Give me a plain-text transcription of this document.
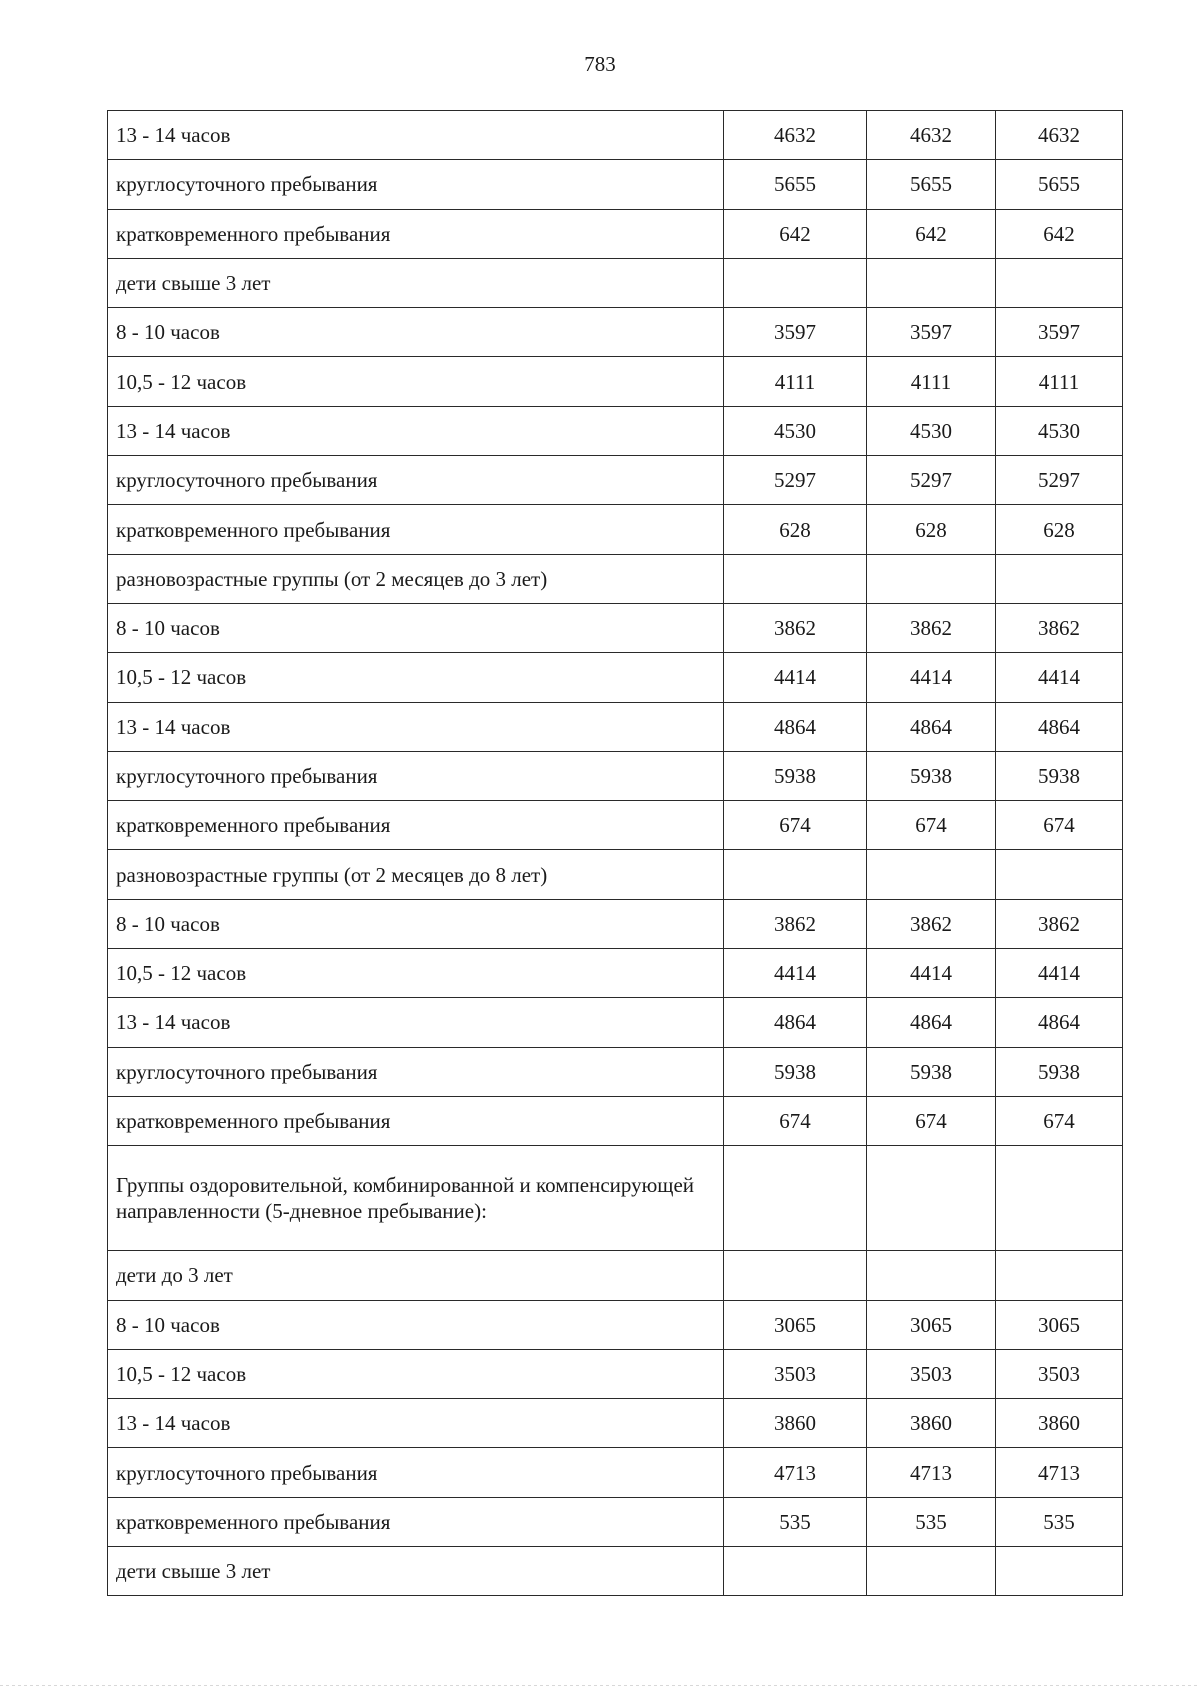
783
13 - 14 часов	4632	4632	4632
круглосуточного пребывания	5655	5655	5655
кратковременного пребывания	642	642	642
дети свыше 3 лет			
8 - 10 часов	3597	3597	3597
10,5 - 12 часов	4111	4111	4111
13 - 14 часов	4530	4530	4530
круглосуточного пребывания	5297	5297	5297
кратковременного пребывания	628	628	628
разновозрастные группы (от 2 месяцев до 3 лет)			
8 - 10 часов	3862	3862	3862
10,5 - 12 часов	4414	4414	4414
13 - 14 часов	4864	4864	4864
круглосуточного пребывания	5938	5938	5938
кратковременного пребывания	674	674	674
разновозрастные группы (от 2 месяцев до 8 лет)			
8 - 10 часов	3862	3862	3862
10,5 - 12 часов	4414	4414	4414
13 - 14 часов	4864	4864	4864
круглосуточного пребывания	5938	5938	5938
кратковременного пребывания	674	674	674
Группы оздоровительной, комбинированной и компенсирующей направленности (5-дневное пребывание):			
дети до 3 лет			
8 - 10 часов	3065	3065	3065
10,5 - 12 часов	3503	3503	3503
13 - 14 часов	3860	3860	3860
круглосуточного пребывания	4713	4713	4713
кратковременного пребывания	535	535	535
дети свыше 3 лет			
